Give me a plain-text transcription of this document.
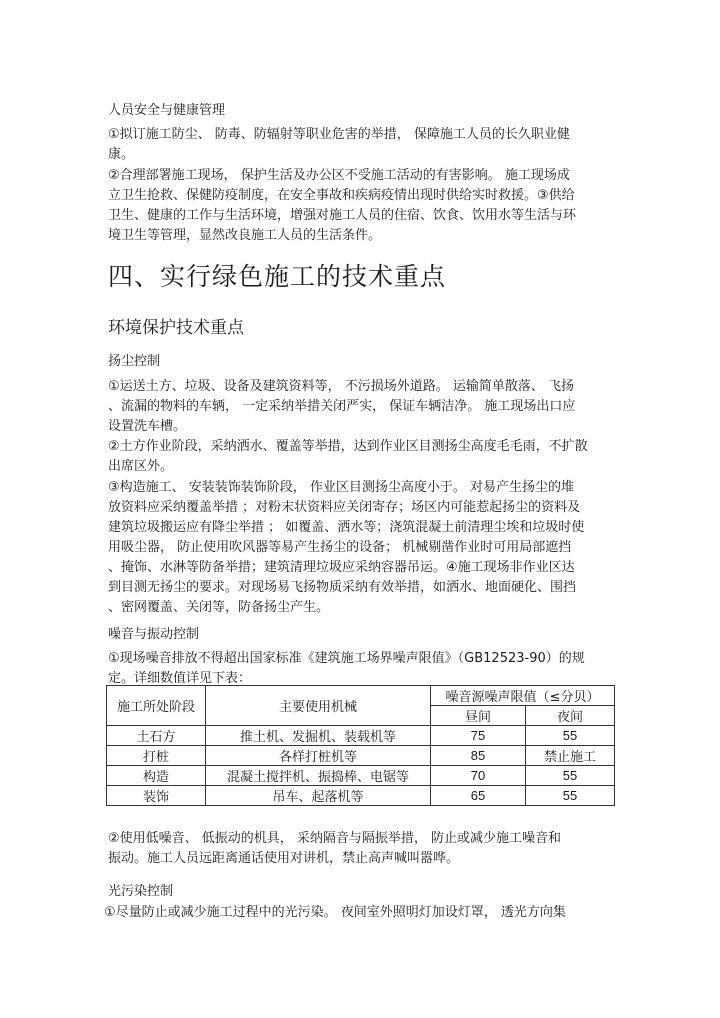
人员安全与健康管理
①拟订施工防尘、 防毒、防辐射等职业危害的举措， 保障施工人员的长久职业健
康。
②合理部署施工现场， 保护生活及办公区不受施工活动的有害影响。 施工现场成
立卫生抢救、保健防疫制度，在安全事故和疾病疫情出现时供给实时救援。③供给
卫生、健康的工作与生活环境，增强对施工人员的住宿、饮食、饮用水等生活与环
境卫生等管理，显然改良施工人员的生活条件。
四、实行绿色施工的技术重点
环境保护技术重点
扬尘控制
①运送土方、垃圾、设备及建筑资料等， 不污损场外道路。 运输简单散落、 飞扬
、流漏的物料的车辆， 一定采纳举措关闭严实， 保证车辆洁净。 施工现场出口应
设置洗车槽。
②土方作业阶段，采纳洒水、覆盖等举措，达到作业区目测扬尘高度毛毛雨，不扩散
出席区外。
③构造施工、 安装装饰装饰阶段， 作业区目测扬尘高度小于。 对易产生扬尘的堆
放资料应采纳覆盖举措 ；对粉末状资料应关闭寄存；场区内可能惹起扬尘的资料及
建筑垃圾搬运应有降尘举措 ； 如覆盖、洒水等；浇筑混凝土前清理尘埃和垃圾时使
用吸尘器， 防止使用吹风器等易产生扬尘的设备； 机械剔凿作业时可用局部遮挡
、掩饰、水淋等防备举措；建筑清理垃圾应采纳容器吊运。④施工现场非作业区达
到目测无扬尘的要求。对现场易飞扬物质采纳有效举措，如洒水、地面硬化、围挡
、密网覆盖、关闭等，防备扬尘产生。
噪音与振动控制
①现场噪音排放不得超出国家标准《建筑施工场界噪声限值》（GB12523-90）的规
定。详细数值详见下表：
施工所处阶段	主要使用机械	噪音源噪声限值（≤分贝）	
		昼间	夜间
土石方	推土机、发掘机、装载机等	75	55
打桩	各样打桩机等	85	禁止施工
构造	混凝土搅拌机、振捣棒、电锯等	70	55
装饰	吊车、起落机等	65	55
②使用低噪音、 低振动的机具， 采纳隔音与隔振举措， 防止或减少施工噪音和
振动。施工人员远距离通话使用对讲机，禁止高声喊叫嚣哗。
光污染控制
①尽量防止或减少施工过程中的光污染。 夜间室外照明灯加设灯罩， 透光方向集
